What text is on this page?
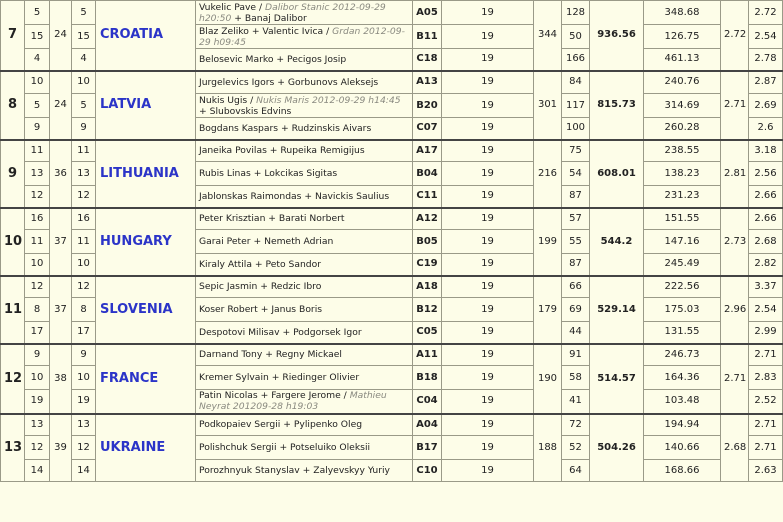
7	5	24	5	CROATIA	Vukelic Pave / Dalibor Stanic 2012-09-29 h20:50 + Banaj Dalibor	A05	19	344	128	936.56	348.68	2.72	2.72
	15		15		Blaz Zeliko + Valentic Ivica / Grdan 2012-09-29 h09:45	B11	19		50		126.75		2.54
	4		4		Belosevic Marko + Pecigos Josip	C18	19		166		461.13		2.78
8	10	24	10	LATVIA	Jurgelevics Igors + Gorbunovs Aleksejs	A13	19	301	84	815.73	240.76	2.71	2.87
	5		5		Nukis Ugis / Nukis Maris 2012-09-29 h14:45 + Slubovskis Edvins	B20	19		117		314.69		2.69
	9		9		Bogdans Kaspars + Rudzinskis Aivars	C07	19		100		260.28		2.6
9	11	36	11	LITHUANIA	Janeika Povilas + Rupeika Remigijus	A17	19	216	75	608.01	238.55	2.81	3.18
	13		13		Rubis Linas + Lokcikas Sigitas	B04	19		54		138.23		2.56
	12		12		Jablonskas Raimondas + Navickis Saulius	C11	19		87		231.23		2.66
10	16	37	16	HUNGARY	Peter Krisztian + Barati Norbert	A12	19	199	57	544.2	151.55	2.73	2.66
	11		11		Garai Peter + Nemeth Adrian	B05	19		55		147.16		2.68
	10		10		Kiraly Attila + Peto Sandor	C19	19		87		245.49		2.82
11	12	37	12	SLOVENIA	Sepic Jasmin + Redzic Ibro	A18	19	179	66	529.14	222.56	2.96	3.37
	8		8		Koser Robert + Janus Boris	B12	19		69		175.03		2.54
	17		17		Despotovi Milisav + Podgorsek Igor	C05	19		44		131.55		2.99
12	9	38	9	FRANCE	Darnand Tony + Regny Mickael	A11	19	190	91	514.57	246.73	2.71	2.71
	10		10		Kremer Sylvain + Riedinger Olivier	B18	19		58		164.36		2.83
	19		19		Patin Nicolas + Fargere Jerome / Mathieu Neyrat 201209-28 h19:03	C04	19		41		103.48		2.52
13	13	39	13	UKRAINE	Podkopaiev Sergii + Pylipenko Oleg	A04	19	188	72	504.26	194.94	2.68	2.71
	12		12		Polishchuk Sergii + Potseluiko Oleksii	B17	19		52		140.66		2.71
	14		14		Porozhnyuk Stanyslav + Zalyevskyy Yuriy	C10	19		64		168.66		2.63
